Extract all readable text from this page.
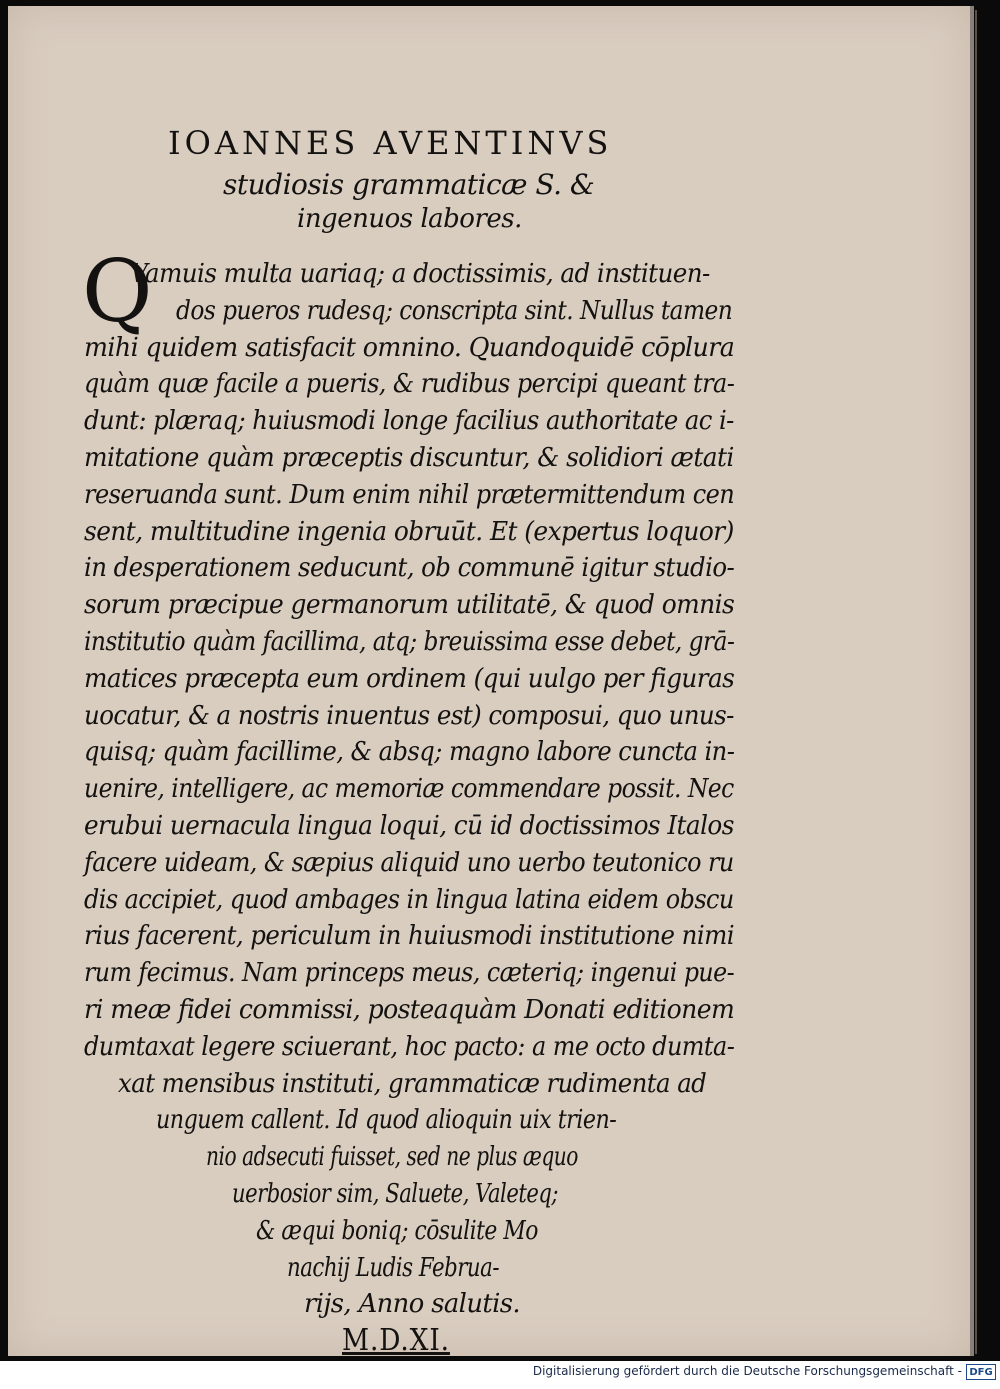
IOANNES AVENTINVS
studiosis grammaticæ S. &
ingenuos labores.
Q
Vamuis multa uariaq; a doctissimis, ad instituen-
dos pueros rudesq; conscripta sint. Nullus tamen
mihi quidem satisfacit omnino. Quandoquidē cōplura
quàm quæ facile a pueris, & rudibus percipi queant tra-
dunt: plæraq; huiusmodi longe facilius authoritate ac i-
mitatione quàm præceptis discuntur, & solidiori ætati
reseruanda sunt. Dum enim nihil prætermittendum cen
sent, multitudine ingenia obruūt. Et (expertus loquor)
in desperationem seducunt, ob communē igitur studio-
sorum præcipue germanorum utilitatē, & quod omnis
institutio quàm facillima, atq; breuissima esse debet, grā-
matices præcepta eum ordinem (qui uulgo per figuras
uocatur, & a nostris inuentus est) composui, quo unus-
quisq; quàm facillime, & absq; magno labore cuncta in-
uenire, intelligere, ac memoriæ commendare possit. Nec
erubui uernacula lingua loqui, cū id doctissimos Italos
facere uideam, & sæpius aliquid uno uerbo teutonico ru
dis accipiet, quod ambages in lingua latina eidem obscu
rius facerent, periculum in huiusmodi institutione nimi
rum fecimus. Nam princeps meus, cæteriq; ingenui pue-
ri meæ fidei commissi, posteaquàm Donati editionem
dumtaxat legere sciuerant, hoc pacto: a me octo dumta-
xat mensibus instituti, grammaticæ rudimenta ad
unguem callent. Id quod alioquin uix trien-
nio adsecuti fuisset, sed ne plus æquo
uerbosior sim, Saluete, Valeteq;
& æqui boniq; cōsulite Mo
nachij Ludis Februa-
rijs, Anno salutis.
M.D.XI.
Digitalisierung gefördert durch die Deutsche Forschungsgemeinschaft - DFG
